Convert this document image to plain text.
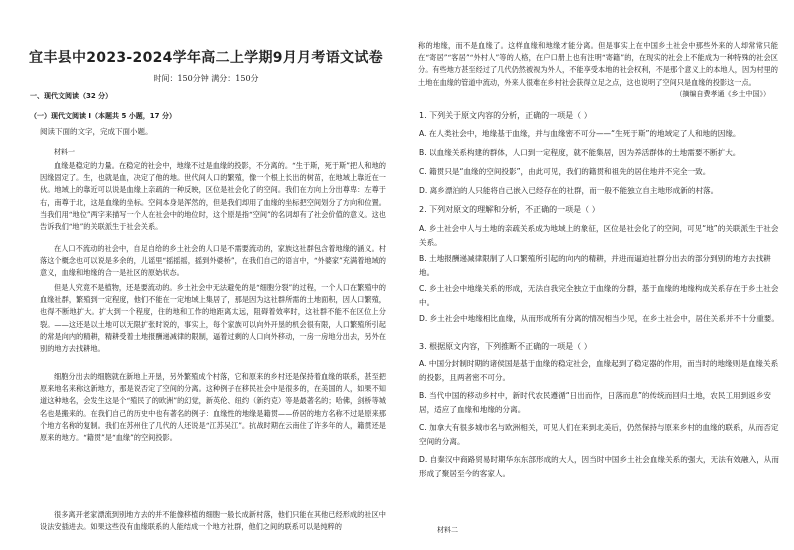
宜丰县中2023-2024学年高二上学期9月月考语文试卷
时间：150分钟 满分：150分
一、现代文阅读（32 分）
（一）现代文阅读 I（本题共 5 小题，17 分）
阅读下面的文字，完成下面小题。
材料一

血缘是稳定的力量。在稳定的社会中，地缘不过是血缘的投影，不分离的。“生于斯，死于斯”把人和地的因缘固定了。生，也就是血，决定了他的地。世代间人口的繁殖，像一个根上长出的树苗，在地域上靠近在一伙。地域上的靠近可以说是血缘上亲疏的一种反映，区位是社会化了的空间。我们在方向上分出尊卑：左尊于右，南尊于北，这是血缘的坐标。空间本身是浑然的，但是我们却用了血缘的坐标把空间划分了方向和位置。当我们用“地位”两字来描写一个人在社会中的地位时，这个原是指“空间”的名词却有了社会价值的意义。这也告诉我们“地”的关联派生于社会关系。

在人口不流动的社会中，自足自给的乡土社会的人口是不需要流动的，家族这社群包含着地缘的涵义。村落这个概念也可以说是多余的，儿谣里“摇摇摇，摇到外婆桥”，在我们自己的语言中，“外婆家”充满着地域的意义，血缘和地缘的合一是社区的原始状态。

但是人究竟不是植物，还是要流动的。乡土社会中无法避免的是“细胞分裂”的过程，一个人口在繁殖中的血缘社群，繁殖到一定程度，他们不能在一定地域上集居了，那是因为这社群所需的土地面积，因人口繁殖，也得不断地扩大。扩大到一个程度，住的地和工作的地距离太远，阻碍着效率时，这社群不能不在区位上分裂。——这还是以土地可以无限扩张时说的，事实上，每个家族可以向外开垦的机会很有限，人口繁殖所引起的常是向内的精耕，精耕受着土地报酬递减律的限制，逼着过剩的人口向外移动，一房一房地分出去，另外在别的地方去找耕地。

细胞分出去的细胞就在新地上开垦，另外繁殖成个村落，它和原来的乡村还是保持着血缘的联系，甚至把原来地名来称这新地方，那是说否定了空间的分离。这种例子在移民社会中是很多的，在美国的人，如果不知道这种地名，会发生这是个“殖民了的欧洲”的幻觉，新英伦、纽约（新约克）等是最著名的；哈佛，剑桥等城名也是搬来的。在我们自己的历史中也有著名的例子：血缘性的地缘是籍贯——侨居的地方名称不过是原来那个地方名称的复制。我们在苏州住了几代的人还说是“江苏吴江”。抗战时期在云南住了许多年的人，籍贯还是原来的地方。“籍贯”是“血缘”的空间投影。

很多离开老家漂流到别地方去的并不能像移植的细胞一般长成新村落，他们只能在其他已经形成的社区中设法安插进去。如果这些没有血缘联系的人能结成一个地方社群，他们之间的联系可以是纯粹的

称的地缘，而不是血缘了。这样血缘和地缘才能分离。但是事实上在中国乡土社会中那些外来的人却常常只能在“寄居”“客居”“外村人”等的人格，在户口册上也有注明“寄籍”的，在现实的社会上不能成为一种特殊的社会区分。有些地方甚至经过了几代仍然被视为外人，不能享受本地的社会权利，不是那个意义上的本地人，因为村里的土地在血缘的管道中流动，外来人很难在乡村社会获得立足之点，这也说明了空间只是血缘的投影这一点。

（摘编自费孝通《乡土中国》）

1. 下列关于原文内容的分析，正确的一项是（ ）

A. 在人类社会中，地缘基于血缘，并与血缘密不可分——“生死于斯”的地域定了人和地的因缘。

B. 以血缘关系构建的群体，人口到一定程度，就不能集居，因为养活群体的土地需要不断扩大。

C. 籍贯只是“血缘的空间投影”，由此可见，我们的籍贯和祖先的居住地并不完全一致。

D. 离乡漂泊的人只能将自己嵌入已经存在的社群，而一般不能独立自主地形成新的村落。

2. 下列对原文的理解和分析，不正确的一项是（ ）

A. 乡土社会中人与土地的亲疏关系成为地域上的象征，区位是社会化了的空间，可见“地”的关联派生于社会关系。

B. 土地报酬递减律限制了人口繁殖所引起的向内的精耕，并进而逼迫社群分出去的部分到别的地方去找耕地。

C. 乡土社会中地缘关系的形成，无法自我完全独立于血缘的分群，基于血缘的地缘构成关系存在于乡土社会中。

D. 乡土社会中地缘相比血缘，从而形成所有分离的情况相当少见，在乡土社会中，居住关系并不十分重要。

3. 根据原文内容，下列推断不正确的一项是（ ）

A. 中国分封制时期的诸侯国是基于血缘的稳定社会，血缘起到了稳定器的作用，而当时的地缘则是血缘关系的投影，且两者密不可分。

B. 当代中国的移动乡村中，新时代农民遵循“日出而作，日落而息”的传统而回归土地，农民工用到返乡安居，适应了血缘和地缘的分离。

C. 加拿大有很多城市名与欧洲相关，可见人们在来到北美后，仍然保持与原来乡村的血缘的联系，从而否定空间的分离。

D. 自秦汉中商路贸易时期华东东部形成的大人，因当时中国乡土社会血缘关系的强大，无法有效融入，从而形成了聚居至今的客家人。

材料二
